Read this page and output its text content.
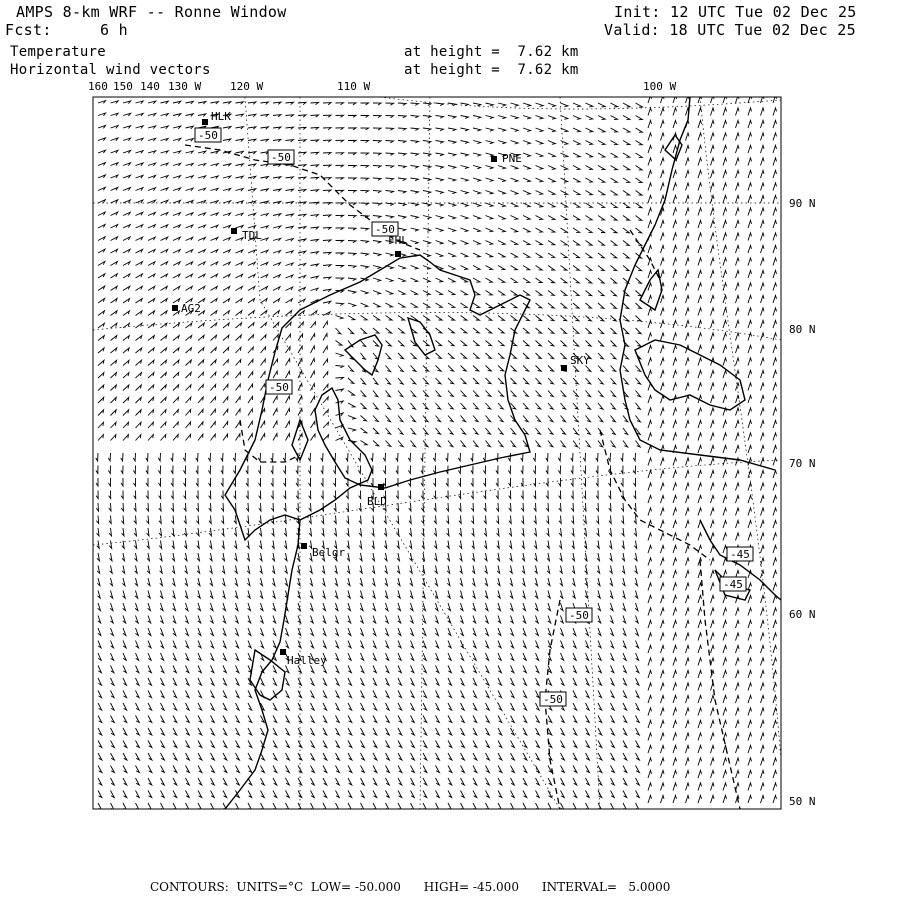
AMPS 8-km WRF -- Ronne Window	Init: 12 UTC Tue 02 Dec 25
Fcst:	6 h	Valid: 18 UTC Tue 02 Dec 25
Temperature	at height =  7.62 km
Horizontal wind vectors	at height =  7.62 km
-50
-50
-50
-50
-45
-45
-50
-50
HLK
PNE
TDL	FHL
AG2
SKY
BLD
Belgr
Halley
160 150 140 130 W	120 W	110 W	100 W
90 N
80 N
70 N
60 N
50 N
CONTOURS:  UNITS=°C  LOW= -50.000      HIGH= -45.000      INTERVAL=   5.0000
